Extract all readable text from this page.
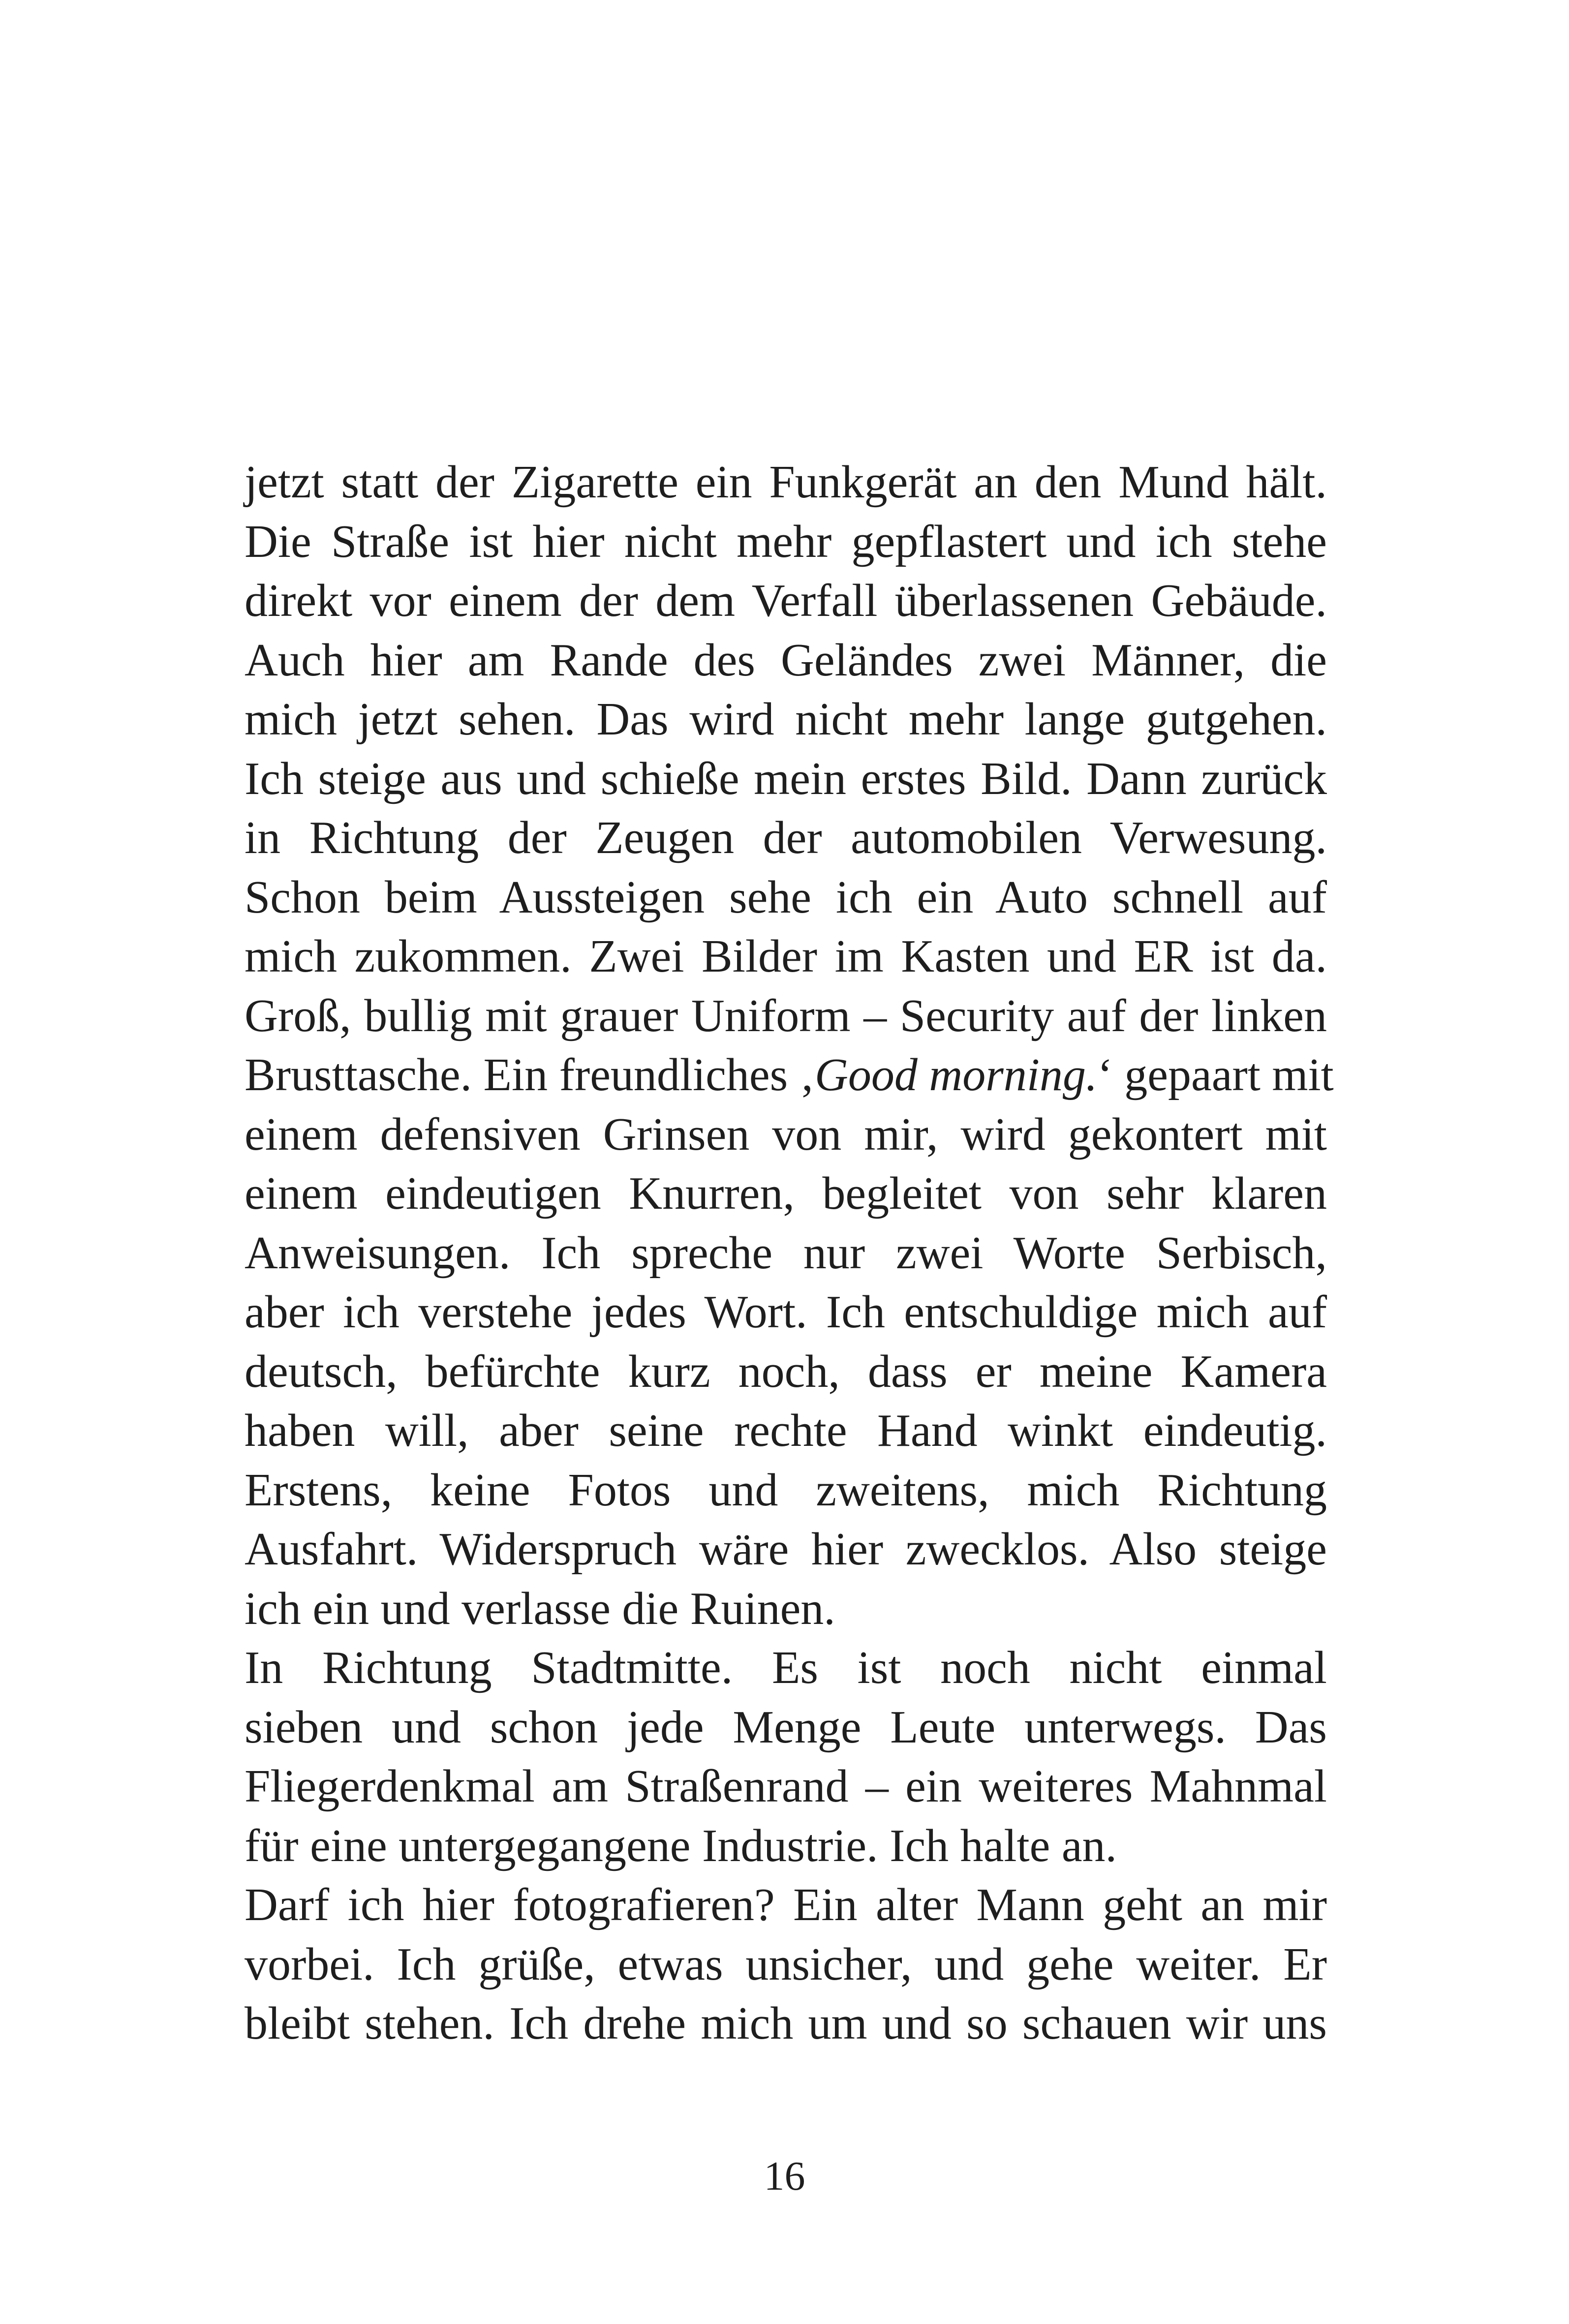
jetzt statt der Zigarette ein Funkgerät an den Mund hält.
Die Straße ist hier nicht mehr gepflastert und ich stehe
direkt vor einem der dem Verfall überlassenen Gebäude.
Auch hier am Rande des Geländes zwei Männer, die
mich jetzt sehen. Das wird nicht mehr lange gutgehen.
Ich steige aus und schieße mein erstes Bild. Dann zurück
in Richtung der Zeugen der automobilen Verwesung.
Schon beim Aussteigen sehe ich ein Auto schnell auf
mich zukommen. Zwei Bilder im Kasten und ER ist da.
Groß, bullig mit grauer Uniform – Security auf der linken
Brusttasche. Ein freundliches ‚Good morning.‘ gepaart mit
einem defensiven Grinsen von mir, wird gekontert mit
einem eindeutigen Knurren, begleitet von sehr klaren
Anweisungen. Ich spreche nur zwei Worte Serbisch,
aber ich verstehe jedes Wort. Ich entschuldige mich auf
deutsch, befürchte kurz noch, dass er meine Kamera
haben will, aber seine rechte Hand winkt eindeutig.
Erstens, keine Fotos und zweitens, mich Richtung
Ausfahrt. Widerspruch wäre hier zwecklos. Also steige
ich ein und verlasse die Ruinen.
In Richtung Stadtmitte. Es ist noch nicht einmal
sieben und schon jede Menge Leute unterwegs. Das
Fliegerdenkmal am Straßenrand – ein weiteres Mahnmal
für eine untergegangene Industrie. Ich halte an.
Darf ich hier fotografieren? Ein alter Mann geht an mir
vorbei. Ich grüße, etwas unsicher, und gehe weiter. Er
bleibt stehen. Ich drehe mich um und so schauen wir uns
16
